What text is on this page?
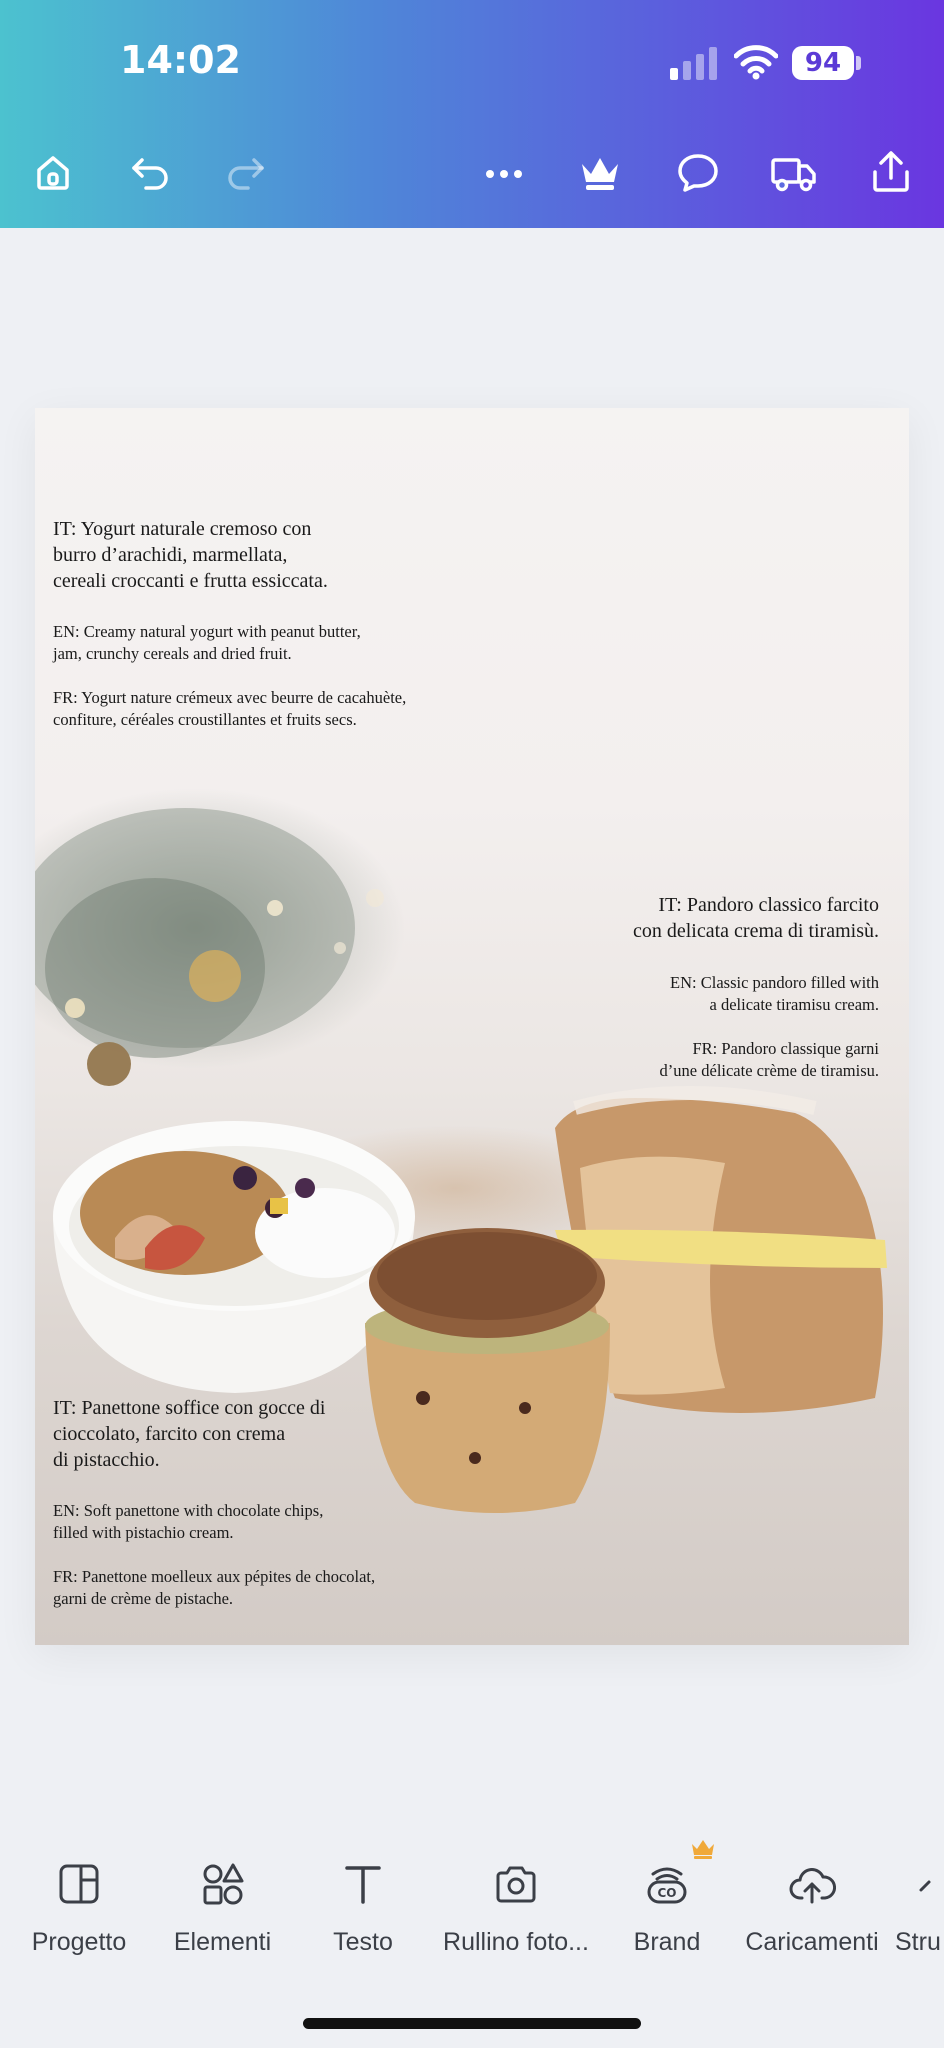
14:02	94

IT: Yogurt naturale cremoso con
burro d’arachidi, marmellata,
cereali croccanti e frutta essiccata.

EN: Creamy natural yogurt with peanut butter,
jam, crunchy cereals and dried fruit.

FR: Yogurt nature crémeux avec beurre de cacahuète,
confiture, céréales croustillantes et fruits secs.

IT: Pandoro classico farcito
con delicata crema di tiramisù.

EN: Classic pandoro filled with
a delicate tiramisu cream.

FR: Pandoro classique garni
d’une délicate crème de tiramisu.

IT: Panettone soffice con gocce di
cioccolato, farcito con crema
di pistacchio.

EN: Soft panettone with chocolate chips,
filled with pistachio cream.

FR: Panettone moelleux aux pépites de chocolat,
garni de crème de pistache.

Progetto	Elementi	Testo	Rullino foto...
CO
Brand	Caricamenti Stru
